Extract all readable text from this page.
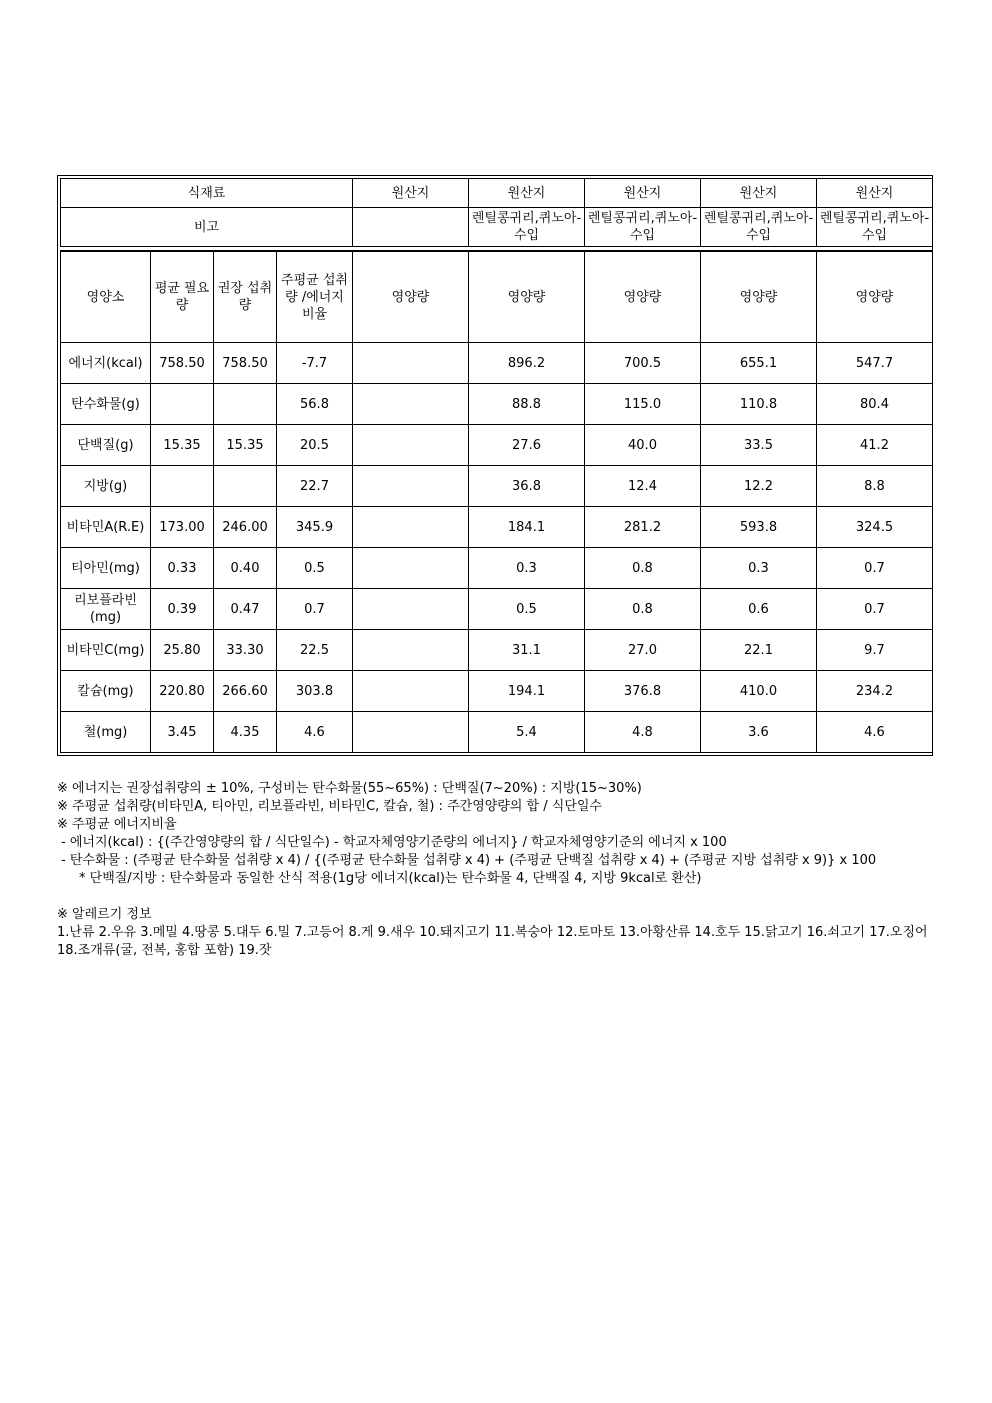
식재료	원산지	원산지	원산지	원산지	원산지
비고		렌틸콩귀리,퀴노아-수입	렌틸콩귀리,퀴노아-수입	렌틸콩귀리,퀴노아-수입	렌틸콩귀리,퀴노아-수입
영양소	평균 필요량	권장 섭취량	주평균 섭취량 /에너지 비율	영양량	영양량	영양량	영양량	영양량
에너지(kcal)	758.50	758.50	-7.7		896.2	700.5	655.1	547.7
탄수화물(g)			56.8		88.8	115.0	110.8	80.4
단백질(g)	15.35	15.35	20.5		27.6	40.0	33.5	41.2
지방(g)			22.7		36.8	12.4	12.2	8.8
비타민A(R.E)	173.00	246.00	345.9		184.1	281.2	593.8	324.5
티아민(mg)	0.33	0.40	0.5		0.3	0.8	0.3	0.7
리보플라빈(mg)	0.39	0.47	0.7		0.5	0.8	0.6	0.7
비타민C(mg)	25.80	33.30	22.5		31.1	27.0	22.1	9.7
칼슘(mg)	220.80	266.60	303.8		194.1	376.8	410.0	234.2
철(mg)	3.45	4.35	4.6		5.4	4.8	3.6	4.6
※ 에너지는 권장섭취량의 ± 10%, 구성비는 탄수화물(55~65%) : 단백질(7~20%) : 지방(15~30%)
※ 주평균 섭취량(비타민A, 티아민, 리보플라빈, 비타민C, 칼슘, 철) : 주간영양량의 합 / 식단일수
※ 주평균 에너지비율
- 에너지(kcal) : {(주간영양량의 합 / 식단일수) - 학교자체영양기준량의 에너지} / 학교자체영양기준의 에너지 x 100
- 탄수화물 : (주평균 탄수화물 섭취량 x 4) / {(주평균 탄수화물 섭취량 x 4) + (주평균 단백질 섭취량 x 4) + (주평균 지방 섭취량 x 9)} x 100
* 단백질/지방 : 탄수화물과 동일한 산식 적용(1g당 에너지(kcal)는 탄수화물 4, 단백질 4, 지방 9kcal로 환산)
※ 알레르기 정보
1.난류 2.우유 3.메밀 4.땅콩 5.대두 6.밀 7.고등어 8.게 9.새우 10.돼지고기 11.복숭아 12.토마토 13.아황산류 14.호두 15.닭고기 16.쇠고기 17.오징어 18.조개류(굴, 전복, 홍합 포함) 19.잣
